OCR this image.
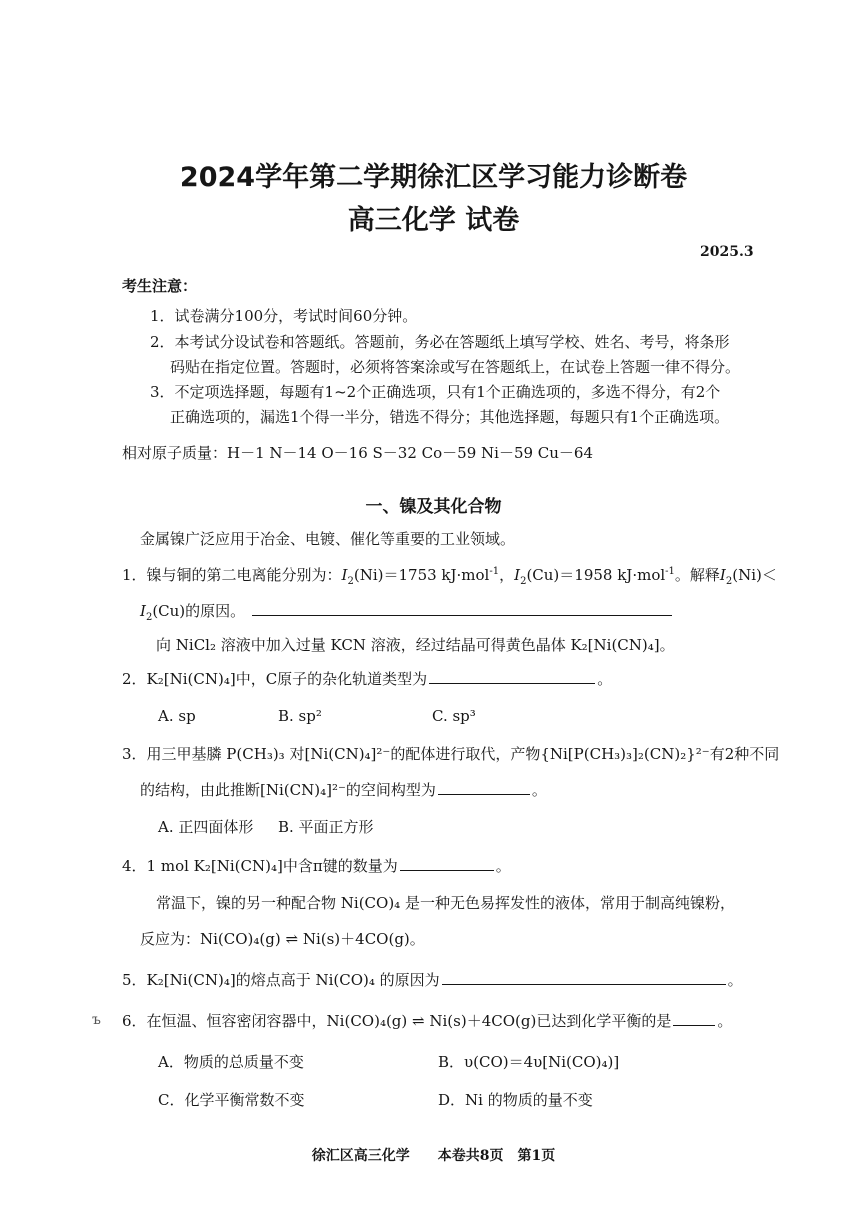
2024学年第二学期徐汇区学习能力诊断卷
高三化学 试卷
2025.3
考生注意：
1．试卷满分100分，考试时间60分钟。
2．本考试分设试卷和答题纸。答题前，务必在答题纸上填写学校、姓名、考号，将条形
码贴在指定位置。答题时，必须将答案涂或写在答题纸上，在试卷上答题一律不得分。
3．不定项选择题，每题有1~2个正确选项，只有1个正确选项的，多选不得分，有2个
正确选项的，漏选1个得一半分，错选不得分；其他选择题，每题只有1个正确选项。
相对原子质量：H－1 N－14 O－16 S－32 Co－59 Ni－59 Cu－64
一、镍及其化合物
金属镍广泛应用于冶金、电镀、催化等重要的工业领域。
1．镍与铜的第二电离能分别为：$I_2(Ni)=1753$ kJ·mol$^{-1}$，$I_2(Cu)=1958$ kJ·mol$^{-1}$。解释$I_2(Ni)<$
$I_2(Cu)$的原因。
向 NiCl₂ 溶液中加入过量 KCN 溶液，经过结晶可得黄色晶体 K₂[Ni(CN)₄]。
2．K₂[Ni(CN)₄]中，C原子的杂化轨道类型为	。
A. sp	B. sp²	C. sp³
3．用三甲基膦 P(CH₃)₃ 对[Ni(CN)₄]²⁻的配体进行取代，产物{Ni[P(CH₃)₃]₂(CN)₂}²⁻有2种不同
的结构，由此推断[Ni(CN)₄]²⁻的空间构型为	。
A. 正四面体形 B. 平面正方形
4．1 mol K₂[Ni(CN)₄]中含π键的数量为	。
常温下，镍的另一种配合物 Ni(CO)₄ 是一种无色易挥发性的液体，常用于制高纯镍粉，
反应为：Ni(CO)₄(g) ⇌ Ni(s)＋4CO(g)。
5．K₂[Ni(CN)₄]的熔点高于 Ni(CO)₄ 的原因为	。
ъ 6．在恒温、恒容密闭容器中，Ni(CO)₄(g) ⇌ Ni(s)＋4CO(g)已达到化学平衡的是	。
A．物质的总质量不变	B．υ(CO)＝4υ[Ni(CO)₄)]
C．化学平衡常数不变	D．Ni 的物质的量不变
徐汇区高三化学　　本卷共8页　第1页
